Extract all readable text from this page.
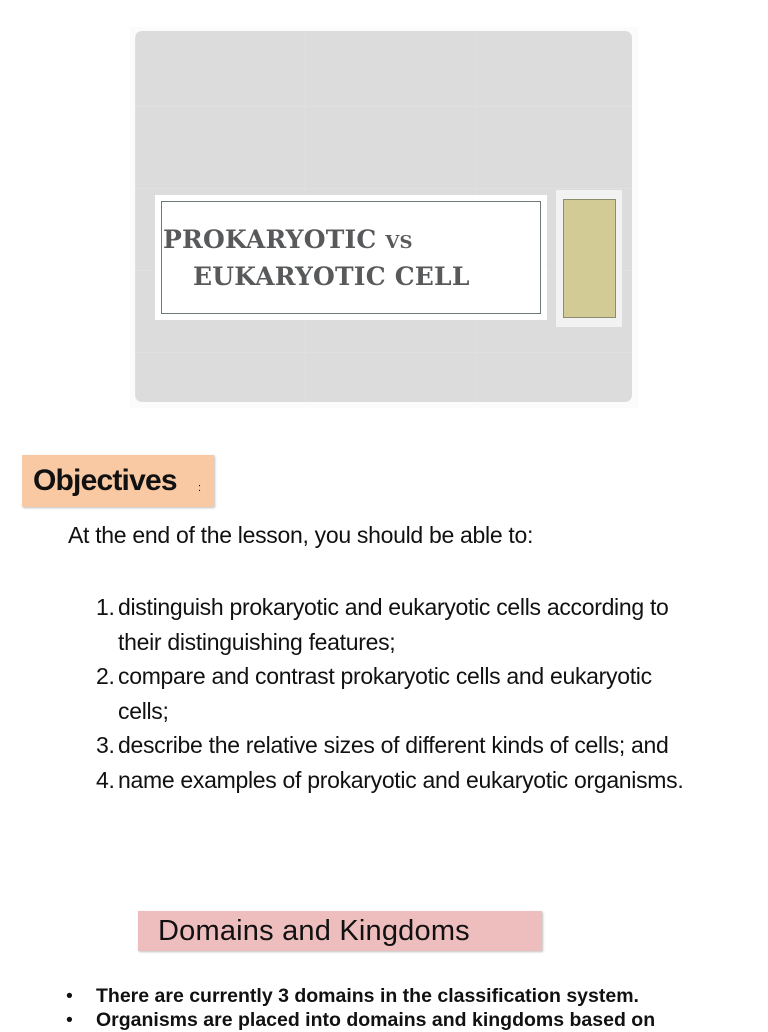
PROKARYOTIC vs
EUKARYOTIC CELL
Objectives :
At the end of the lesson, you should be able to:
1. distinguish prokaryotic and eukaryotic cells according to their distinguishing features;
2. compare and contrast prokaryotic cells and eukaryotic cells;
3. describe the relative sizes of different kinds of cells; and
4. name examples of prokaryotic and eukaryotic organisms.
Domains and Kingdoms
• There are currently 3 domains in the classification system.
• Organisms are placed into domains and kingdoms based on
